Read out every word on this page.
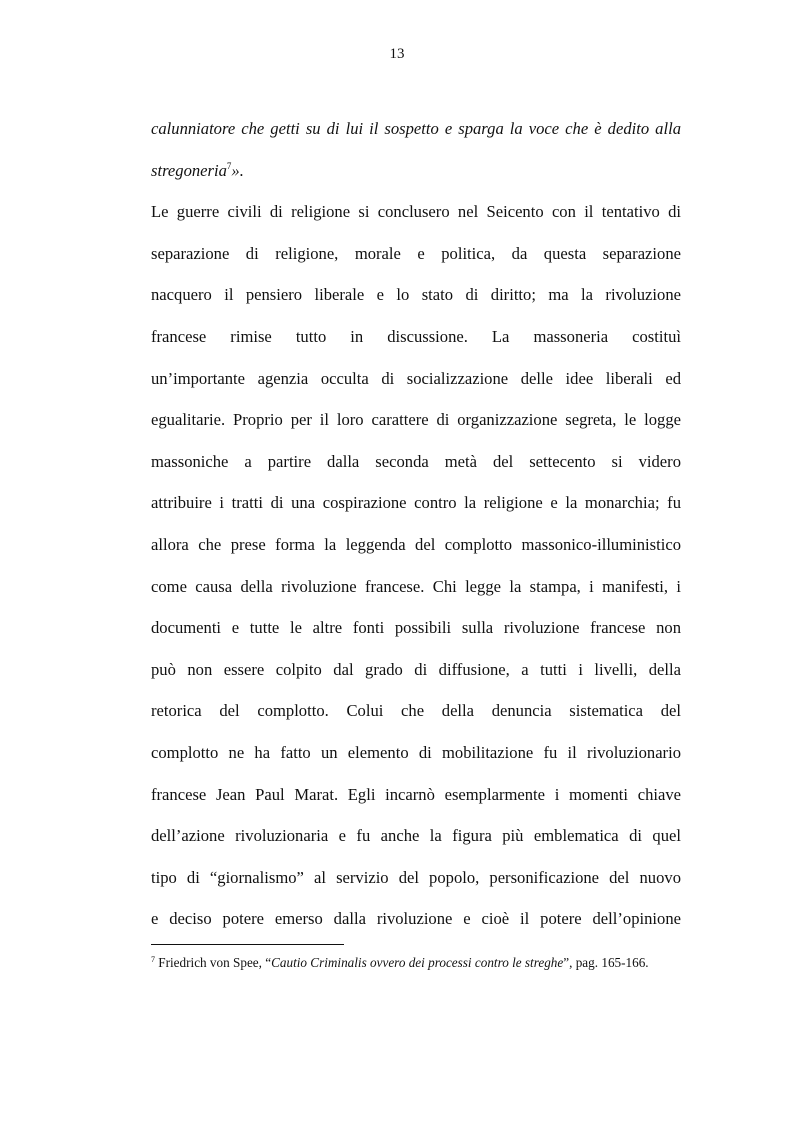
13
calunniatore che getti su di lui il sospetto e sparga la voce che è dedito alla
stregoneria$^7$».
Le guerre civili di religione si conclusero nel Seicento con il tentativo di
separazione di religione, morale e politica, da questa separazione
nacquero il pensiero liberale e lo stato di diritto; ma la rivoluzione
francese rimise tutto in discussione. La massoneria costituì
un’importante agenzia occulta di socializzazione delle idee liberali ed
egualitarie. Proprio per il loro carattere di organizzazione segreta, le logge
massoniche a partire dalla seconda metà del settecento si videro
attribuire i tratti di una cospirazione contro la religione e la monarchia; fu
allora che prese forma la leggenda del complotto massonico-illuministico
come causa della rivoluzione francese. Chi legge la stampa, i manifesti, i
documenti e tutte le altre fonti possibili sulla rivoluzione francese non
può non essere colpito dal grado di diffusione, a tutti i livelli, della
retorica del complotto. Colui che della denuncia sistematica del
complotto ne ha fatto un elemento di mobilitazione fu il rivoluzionario
francese Jean Paul Marat. Egli incarnò esemplarmente i momenti chiave
dell’azione rivoluzionaria e fu anche la figura più emblematica di quel
tipo di “giornalismo” al servizio del popolo, personificazione del nuovo
e deciso potere emerso dalla rivoluzione e cioè il potere dell’opinione
$^7$ Friedrich von Spee, “Cautio Criminalis ovvero dei processi contro le streghe”, pag. 165-166.
